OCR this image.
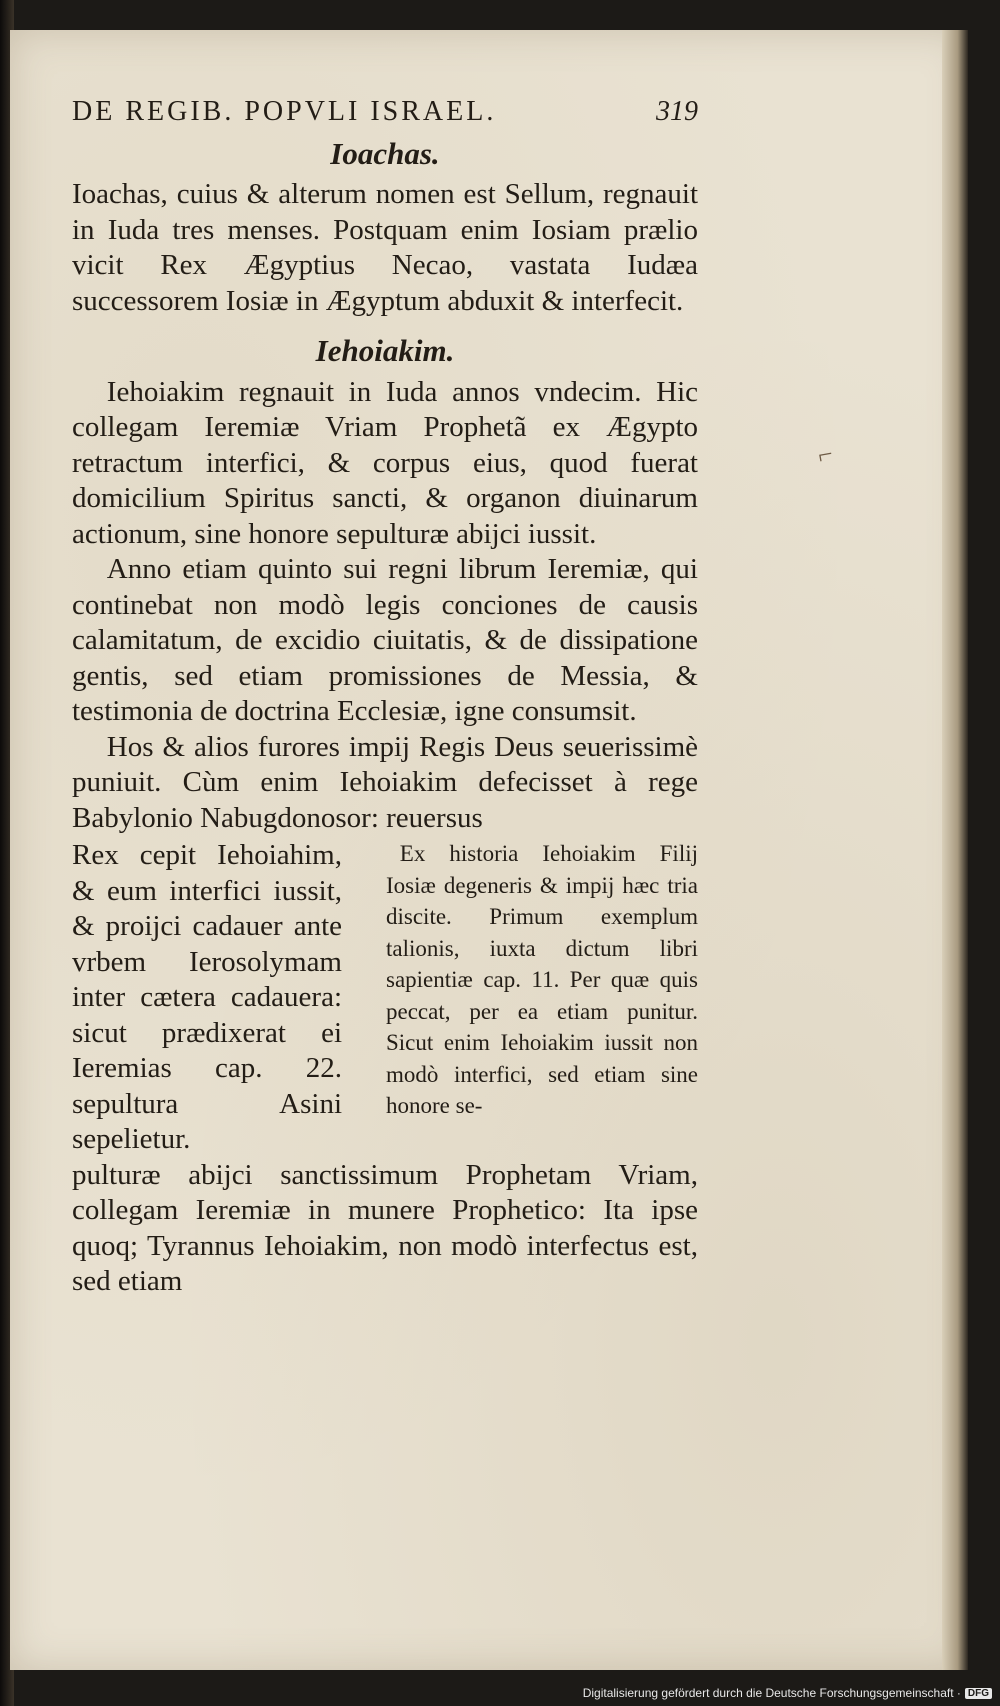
DE REGIB. POPVLI ISRAEL.	319
Ioachas.

Ioachas, cuius & alterum nomen est Sellum, regnauit in Iuda tres menses. Postquam enim Iosiam prælio vicit Rex Ægyptius Necao, vastata Iudæa successorem Iosiæ in Ægyptum abduxit & interfecit.

Iehoiakim.

Iehoiakim regnauit in Iuda annos vndecim. Hic collegam Ieremiæ Vriam Prophetã ex Ægypto retractum interfici, & corpus eius, quod fuerat domicilium Spiritus sancti, & organon diuinarum actionum, sine honore sepulturæ abijci iussit.

Anno etiam quinto sui regni librum Ieremiæ, qui continebat non modò legis conciones de causis calamitatum, de excidio ciuitatis, & de dissipatione gentis, sed etiam promissiones de Messia, & testimonia de doctrina Ecclesiæ, igne consumsit.

Hos & alios furores impij Regis Deus seuerissimè puniuit. Cùm enim Iehoiakim defecisset à rege Babylonio Nabugdonosor: reuersus

Rex cepit Iehoiahim, & eum interfici iussit, & proijci cadauer ante vrbem Ierosolymam inter cætera cadauera: sicut prædixerat ei Ieremias cap. 22. sepultura Asini sepelietur.

Ex historia Iehoiakim Filij Iosiæ degeneris & impij hæc tria discite. Primum exemplum talionis, iuxta dictum libri sapientiæ cap. 11. Per quæ quis peccat, per ea etiam punitur. Sicut enim Iehoiakim iussit non modò interfici, sed etiam sine honore se-

pulturæ abijci sanctissimum Prophetam Vriam, collegam Ieremiæ in munere Prophetico: Ita ipse quoq; Tyrannus Iehoiakim, non modò interfectus est, sed etiam

⌐
Digitalisierung gefördert durch die Deutsche Forschungsgemeinschaft · DFG
